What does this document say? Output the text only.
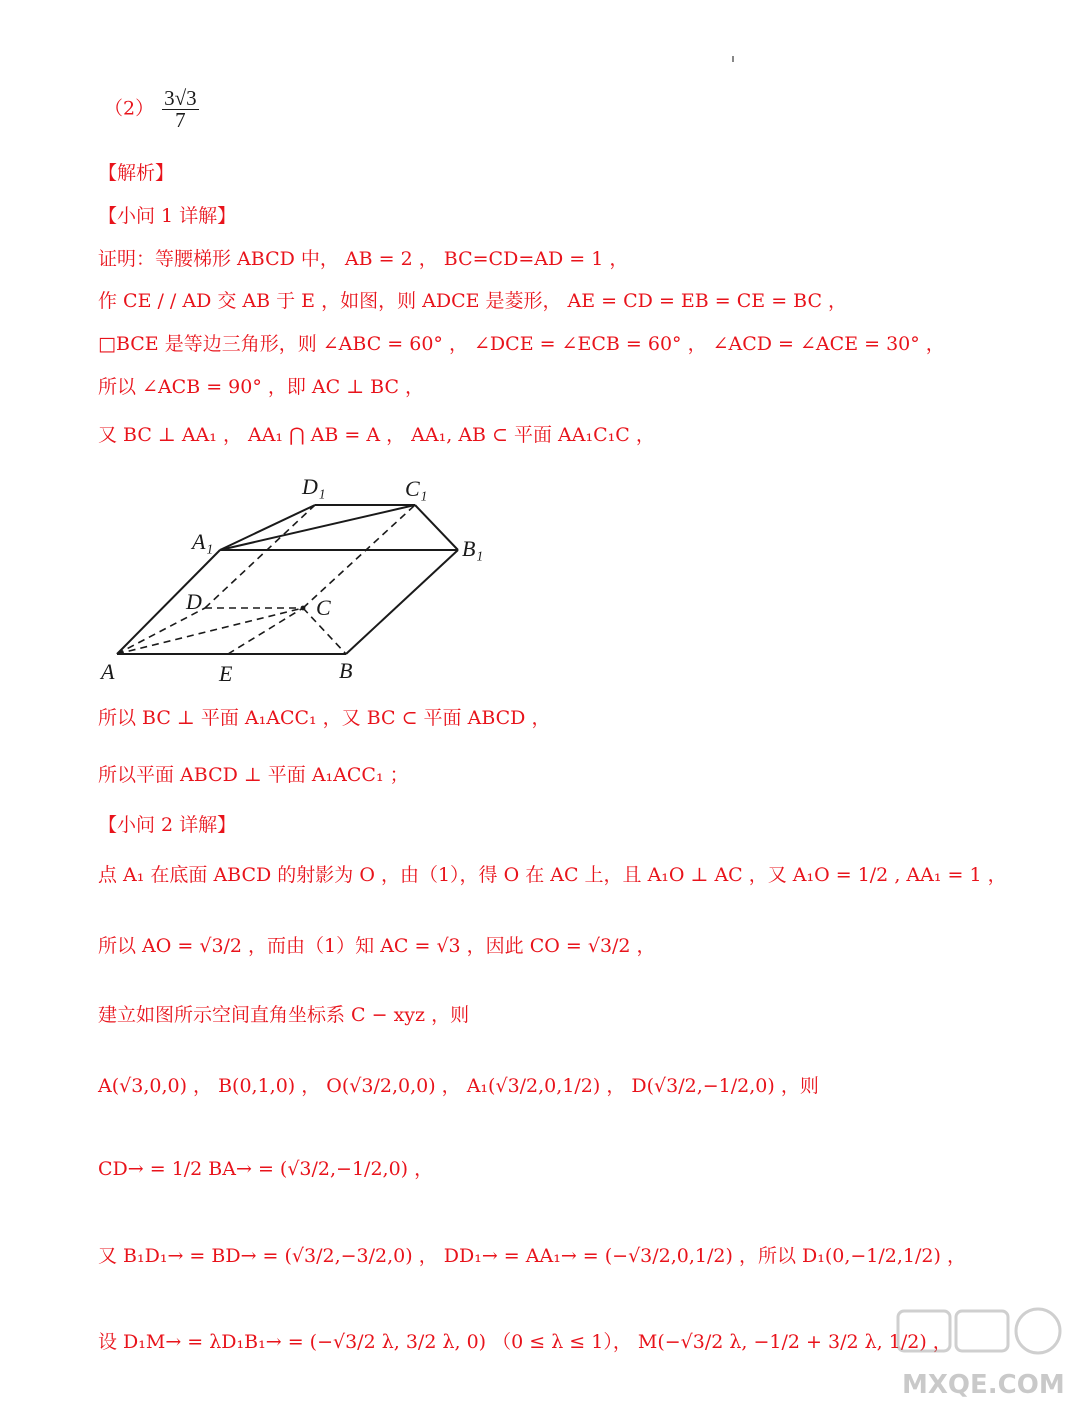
$(2) \frac{3√3}{7}$
【解析】
【小问 1 详解】
证明：等腰梯形 ABCD 中， AB = 2 ， BC=CD=AD = 1 ，
作 CE / / AD 交 AB 于 E ，如图，则 ADCE 是菱形， AE = CD = EB = CE = BC ，
□BCE 是等边三角形，则 ∠ABC = 60° ， ∠DCE = ∠ECB = 60° ， ∠ACD = ∠ACE = 30° ，
所以 ∠ACB = 90° ，即 AC ⊥ BC ，
又 BC ⊥ AA₁ ， AA₁ ⋂ AB = A ， AA₁, AB ⊂ 平面 AA₁C₁C ，
D₁	C₁
A₁	B₁
D	C
A	E	B
所以 BC ⊥ 平面 A₁ACC₁ ，又 BC ⊂ 平面 ABCD ，
所以平面 ABCD ⊥ 平面 A₁ACC₁ ；
【小问 2 详解】
点 A₁ 在底面 ABCD 的射影为 O ，由（1），得 O 在 AC 上，且 A₁O ⊥ AC ，又 A₁O = 1/2 , AA₁ = 1 ，
所以 AO = √3/2 ，而由（1）知 AC = √3 ，因此 CO = √3/2 ，
建立如图所示空间直角坐标系 C − xyz ，则
A(√3,0,0) ， B(0,1,0) ， O(√3/2,0,0) ， A₁(√3/2,0,1/2) ， D(√3/2,−1/2,0) ，则
CD→ = 1/2 BA→ = (√3/2,−1/2,0) ，
又 B₁D₁→ = BD→ = (√3/2,−3/2,0) ， DD₁→ = AA₁→ = (−√3/2,0,1/2) ，所以 D₁(0,−1/2,1/2) ，
设 D₁M→ = λD₁B₁→ = (−√3/2 λ, 3/2 λ, 0) （0 ≤ λ ≤ 1）， M(−√3/2 λ, −1/2 + 3/2 λ, 1/2) ，
MXQE.COM
